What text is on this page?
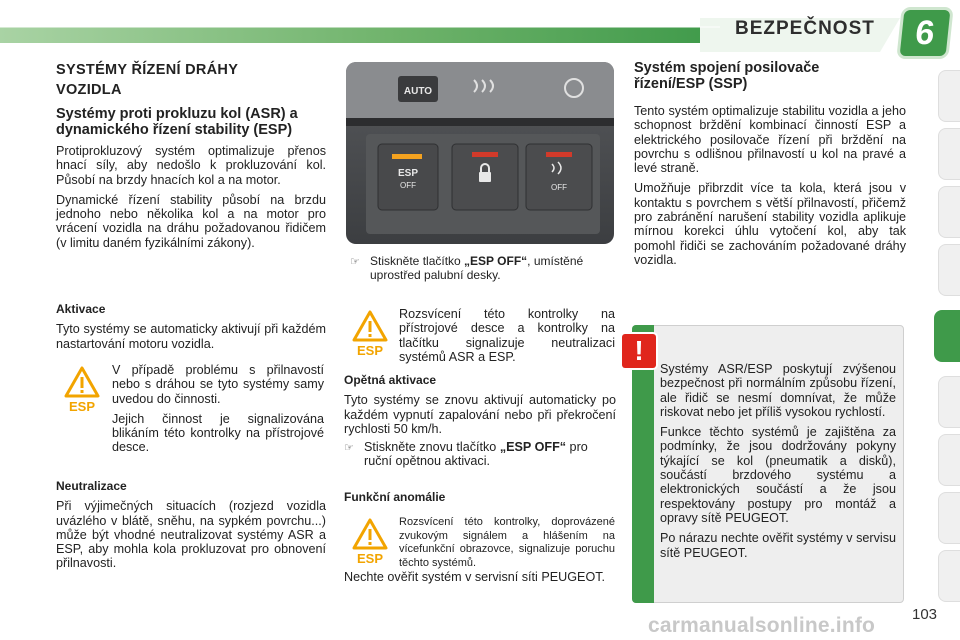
BEZPEČNOST	6
SYSTÉMY ŘÍZENÍ DRÁHY VOZIDLA
Systémy proti prokluzu kol (ASR) a dynamického řízení stability (ESP)

Protiprokluzový systém optimalizuje přenos hnací síly, aby nedošlo k prokluzování kol. Působí na brzdy hnacích kol a na motor.

Dynamické řízení stability působí na brzdu jednoho nebo několika kol a na motor pro vrácení vozidla na dráhu požadovanou řidičem (v limitu daném fyzikálními zákony).

Aktivace

Tyto systémy se automaticky aktivují při každém nastartování motoru vozidla.

ESP

V případě problému s přilnavostí nebo s dráhou se tyto systémy samy uvedou do činnosti.

Jejich činnost je signalizována blikáním této kontrolky na přístrojové desce.

Neutralizace

Při výjimečných situacích (rozjezd vozidla uvázlého v blátě, sněhu, na sypkém povrchu...) může být vhodné neutralizovat systémy ASR a ESP, aby mohla kola prokluzovat pro obnovení přilnavosti.

AUTO
ESP
OFF	OFF
☞ Stiskněte tlačítko „ESP OFF“, umístěné uprostřed palubní desky.
ESP

Rozsvícení této kontrolky na přístrojové desce a kontrolky na tlačítku signalizuje neutralizaci systémů ASR a ESP.

Opětná aktivace

Tyto systémy se znovu aktivují automaticky po každém vypnutí zapalování nebo při překročení rychlosti 50 km/h.

☞ Stiskněte znovu tlačítko „ESP OFF“ pro ruční opětnou aktivaci.
Funkční anomálie
ESP

Rozsvícení této kontrolky, doprovázené zvukovým signálem a hlášením na vícefunkční obrazovce, signalizuje poruchu těchto systémů.

Nechte ověřit systém v servisní síti PEUGEOT.

Systém spojení posilovače řízení/ESP (SSP)

Tento systém optimalizuje stabilitu vozidla a jeho schopnost brždění kombinací činností ESP a elektrického posilovače řízení při brždění na povrchu s odlišnou přilnavostí u kol na pravé a levé straně.

Umožňuje přibrzdit více ta kola, která jsou v kontaktu s povrchem s větší přilnavostí, přičemž pro zabránění narušení stability vozidla aplikuje mírnou korekci úhlu vytočení kol, aby tak pomohl řidiči se zachováním požadované dráhy vozidla.

!

Systémy ASR/ESP poskytují zvýšenou bezpečnost při normálním způsobu řízení, ale řidič se nesmí domnívat, že může riskovat nebo jet příliš vysokou rychlostí.

Funkce těchto systémů je zajištěna za podmínky, že jsou dodržovány pokyny týkající se kol (pneumatik a disků), součástí brzdového systému a elektronických součástí a že jsou respektovány postupy pro montáž a opravy sítě PEUGEOT.

Po nárazu nechte ověřit systémy v servisu sítě PEUGEOT.

103
carmanualsonline.info
